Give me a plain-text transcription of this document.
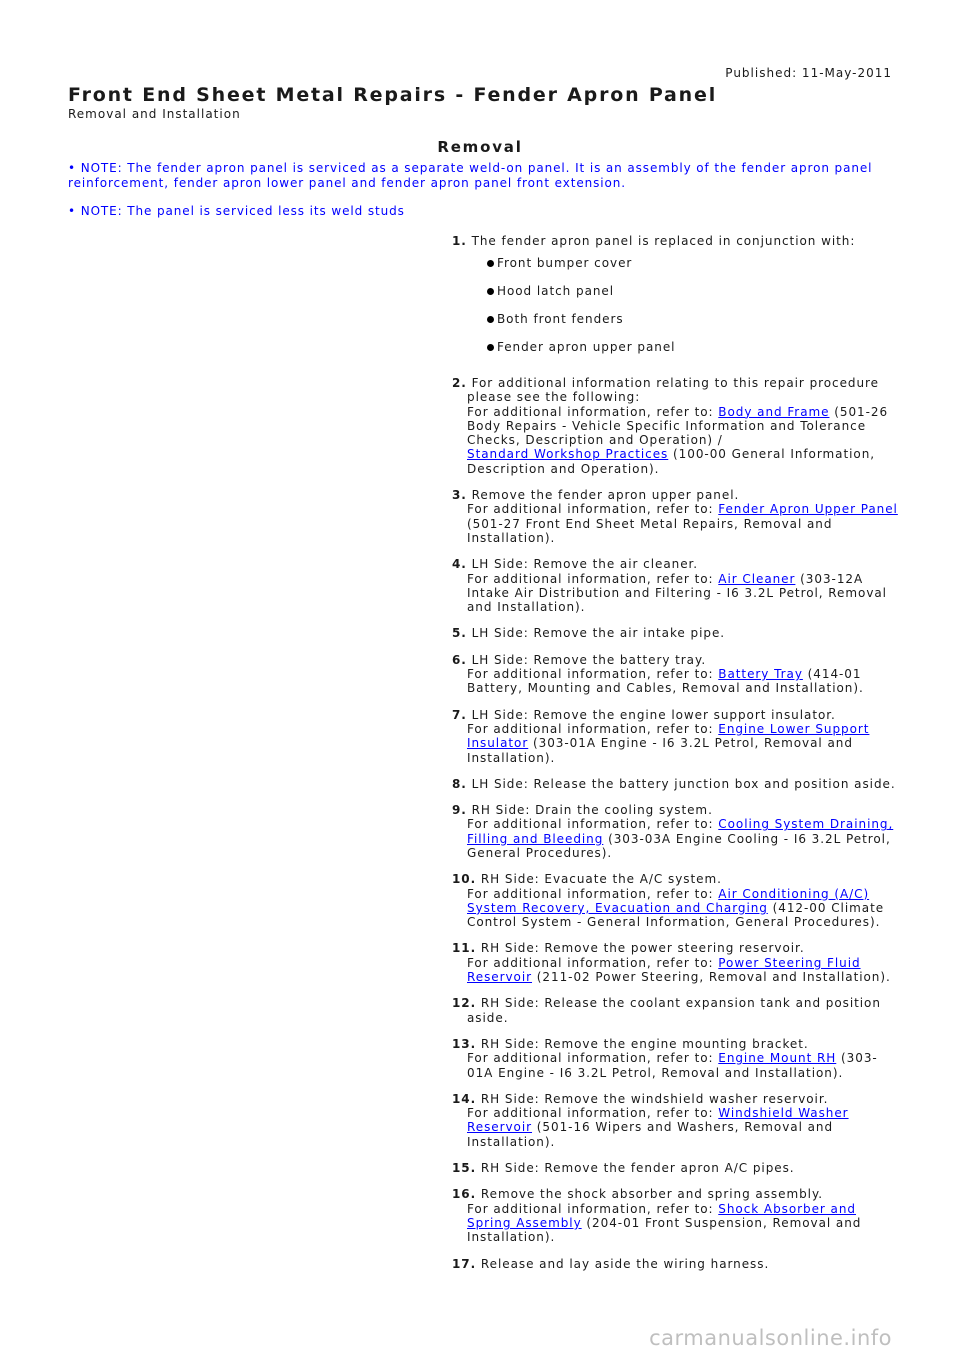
Published: 11-May-2011
Front End Sheet Metal Repairs - Fender Apron Panel
Removal and Installation
Removal
• NOTE: The fender apron panel is serviced as a separate weld-on panel. It is an assembly of the fender apron panel reinforcement, fender apron lower panel and fender apron panel front extension.
• NOTE: The panel is serviced less its weld studs
1. The fender apron panel is replaced in conjunction with:
Front bumper cover
Hood latch panel
Both front fenders
Fender apron upper panel
2. For additional information relating to this repair procedure please see the following:
For additional information, refer to: Body and Frame (501-26 Body Repairs - Vehicle Specific Information and Tolerance Checks, Description and Operation) /
Standard Workshop Practices (100-00 General Information, Description and Operation).
3. Remove the fender apron upper panel.
For additional information, refer to: Fender Apron Upper Panel (501-27 Front End Sheet Metal Repairs, Removal and Installation).
4. LH Side: Remove the air cleaner.
For additional information, refer to: Air Cleaner (303-12A Intake Air Distribution and Filtering - I6 3.2L Petrol, Removal and Installation).
5. LH Side: Remove the air intake pipe.
6. LH Side: Remove the battery tray.
For additional information, refer to: Battery Tray (414-01 Battery, Mounting and Cables, Removal and Installation).
7. LH Side: Remove the engine lower support insulator.
For additional information, refer to: Engine Lower Support Insulator (303-01A Engine - I6 3.2L Petrol, Removal and Installation).
8. LH Side: Release the battery junction box and position aside.
9. RH Side: Drain the cooling system.
For additional information, refer to: Cooling System Draining, Filling and Bleeding (303-03A Engine Cooling - I6 3.2L Petrol, General Procedures).
10. RH Side: Evacuate the A/C system.
For additional information, refer to: Air Conditioning (A/C) System Recovery, Evacuation and Charging (412-00 Climate Control System - General Information, General Procedures).
11. RH Side: Remove the power steering reservoir.
For additional information, refer to: Power Steering Fluid Reservoir (211-02 Power Steering, Removal and Installation).
12. RH Side: Release the coolant expansion tank and position aside.
13. RH Side: Remove the engine mounting bracket.
For additional information, refer to: Engine Mount RH (303-01A Engine - I6 3.2L Petrol, Removal and Installation).
14. RH Side: Remove the windshield washer reservoir.
For additional information, refer to: Windshield Washer Reservoir (501-16 Wipers and Washers, Removal and Installation).
15. RH Side: Remove the fender apron A/C pipes.
16. Remove the shock absorber and spring assembly.
For additional information, refer to: Shock Absorber and Spring Assembly (204-01 Front Suspension, Removal and Installation).
17. Release and lay aside the wiring harness.
carmanualsonline.info
